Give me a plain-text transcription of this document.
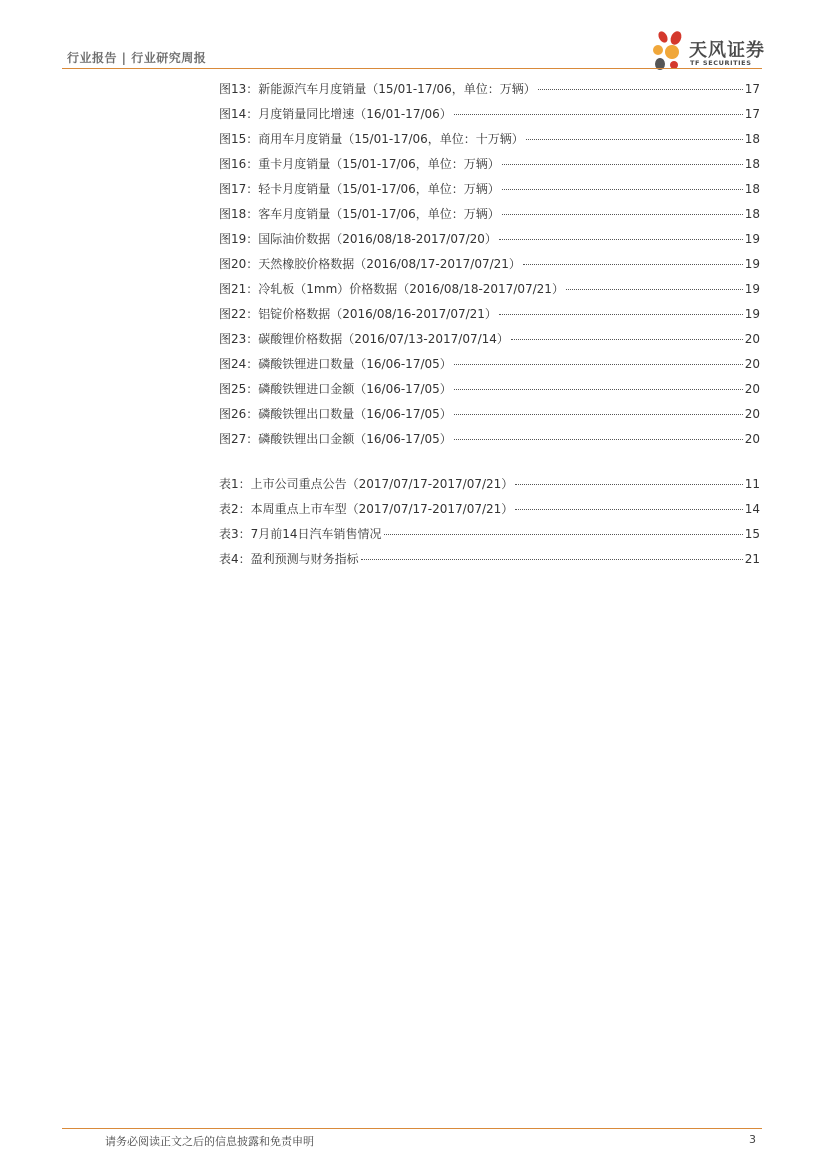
行业报告 | 行业研究周报	天风证券
TF SECURITIES
图13：新能源汽车月度销量（15/01-17/06，单位：万辆）	17
图14：月度销量同比增速（16/01-17/06）	17
图15：商用车月度销量（15/01-17/06，单位：十万辆）	18
图16：重卡月度销量（15/01-17/06，单位：万辆）	18
图17：轻卡月度销量（15/01-17/06，单位：万辆）	18
图18：客车月度销量（15/01-17/06，单位：万辆）	18
图19：国际油价数据（2016/08/18-2017/07/20）	19
图20：天然橡胶价格数据（2016/08/17-2017/07/21）	19
图21：冷轧板（1mm）价格数据（2016/08/18-2017/07/21）	19
图22：铝锭价格数据（2016/08/16-2017/07/21）	19
图23：碳酸锂价格数据（2016/07/13-2017/07/14）	20
图24：磷酸铁锂进口数量（16/06-17/05）	20
图25：磷酸铁锂进口金额（16/06-17/05）	20
图26：磷酸铁锂出口数量（16/06-17/05）	20
图27：磷酸铁锂出口金额（16/06-17/05）	20
表1：上市公司重点公告（2017/07/17-2017/07/21）	11
表2：本周重点上市车型（2017/07/17-2017/07/21）	14
表3：7月前14日汽车销售情况	15
表4：盈利预测与财务指标	21
请务必阅读正文之后的信息披露和免责申明	3
